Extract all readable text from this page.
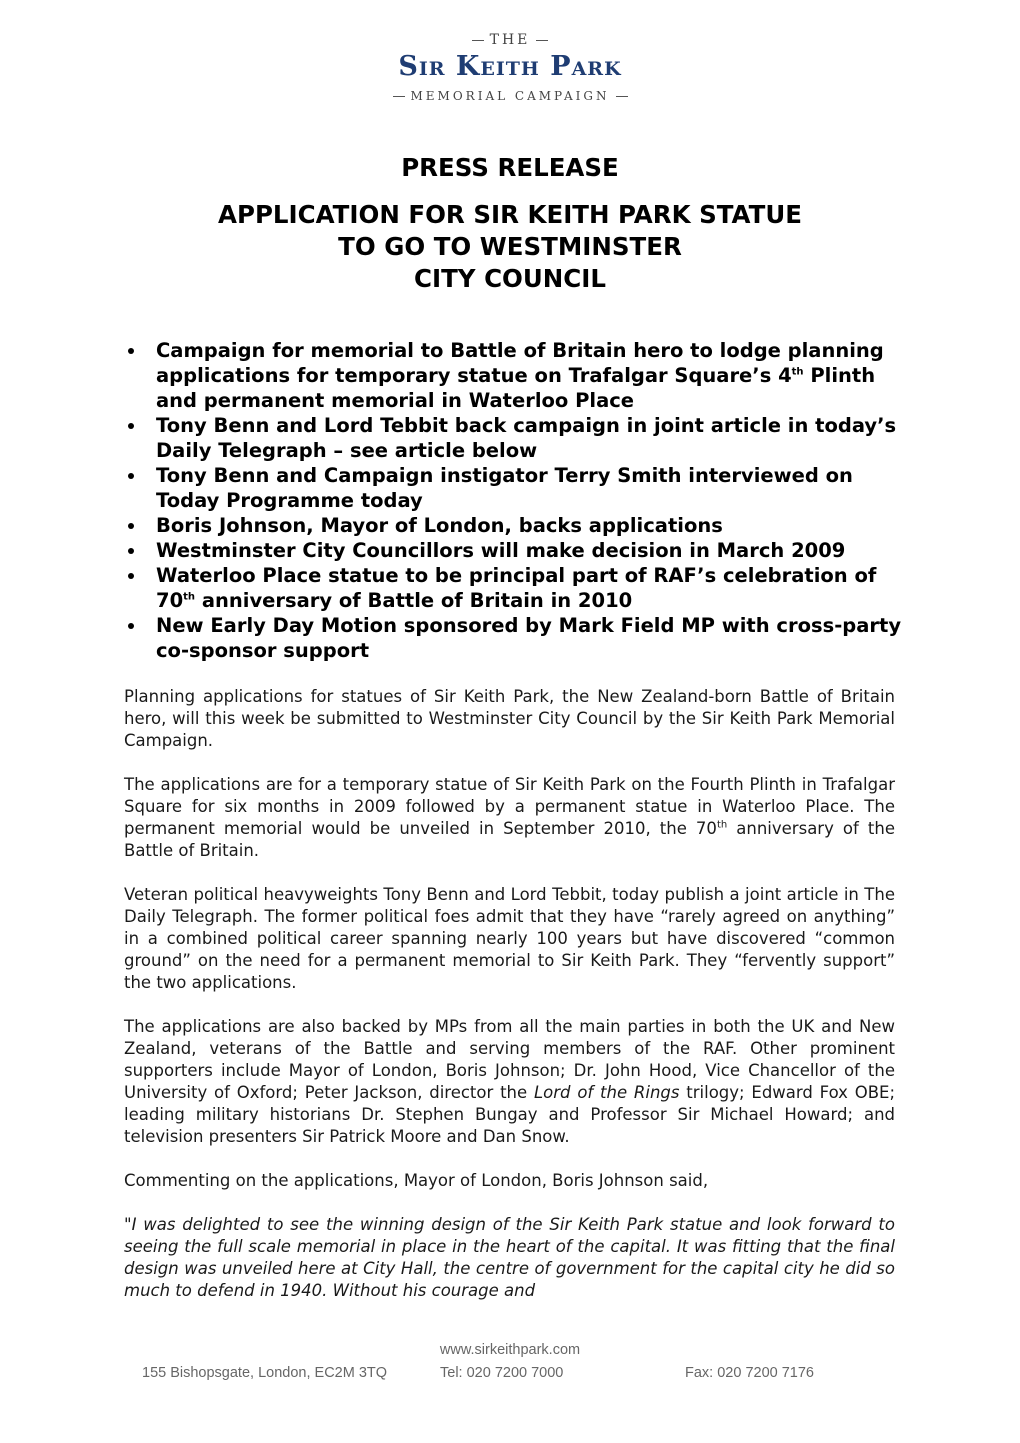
THE
Sir Keith Park
MEMORIAL CAMPAIGN
PRESS RELEASE
APPLICATION FOR SIR KEITH PARK STATUE
TO GO TO WESTMINSTER
CITY COUNCIL
Campaign for memorial to Battle of Britain hero to lodge planning applications for temporary statue on Trafalgar Square’s 4th Plinth and permanent memorial in Waterloo Place
Tony Benn and Lord Tebbit back campaign in joint article in today’s Daily Telegraph – see article below
Tony Benn and Campaign instigator Terry Smith interviewed on Today Programme today
Boris Johnson, Mayor of London, backs applications
Westminster City Councillors will make decision in March 2009
Waterloo Place statue to be principal part of RAF’s celebration of 70th anniversary of Battle of Britain in 2010
New Early Day Motion sponsored by Mark Field MP with cross-party co-sponsor support

Planning applications for statues of Sir Keith Park, the New Zealand-born Battle of Britain hero, will this week be submitted to Westminster City Council by the Sir Keith Park Memorial Campaign.

The applications are for a temporary statue of Sir Keith Park on the Fourth Plinth in Trafalgar Square for six months in 2009 followed by a permanent statue in Waterloo Place. The permanent memorial would be unveiled in September 2010, the 70th anniversary of the Battle of Britain.

Veteran political heavyweights Tony Benn and Lord Tebbit, today publish a joint article in The Daily Telegraph. The former political foes admit that they have “rarely agreed on anything” in a combined political career spanning nearly 100 years but have discovered “common ground” on the need for a permanent memorial to Sir Keith Park. They “fervently support” the two applications.

The applications are also backed by MPs from all the main parties in both the UK and New Zealand, veterans of the Battle and serving members of the RAF. Other prominent supporters include Mayor of London, Boris Johnson; Dr. John Hood, Vice Chancellor of the University of Oxford; Peter Jackson, director the Lord of the Rings trilogy; Edward Fox OBE; leading military historians Dr. Stephen Bungay and Professor Sir Michael Howard; and television presenters Sir Patrick Moore and Dan Snow.

Commenting on the applications, Mayor of London, Boris Johnson said,

"I was delighted to see the winning design of the Sir Keith Park statue and look forward to seeing the full scale memorial in place in the heart of the capital. It was fitting that the final design was unveiled here at City Hall, the centre of government for the capital city he did so much to defend in 1940. Without his courage and

www.sirkeithpark.com
155 Bishopsgate, London, EC2M 3TQ	Tel: 020 7200 7000	Fax: 020 7200 7176
